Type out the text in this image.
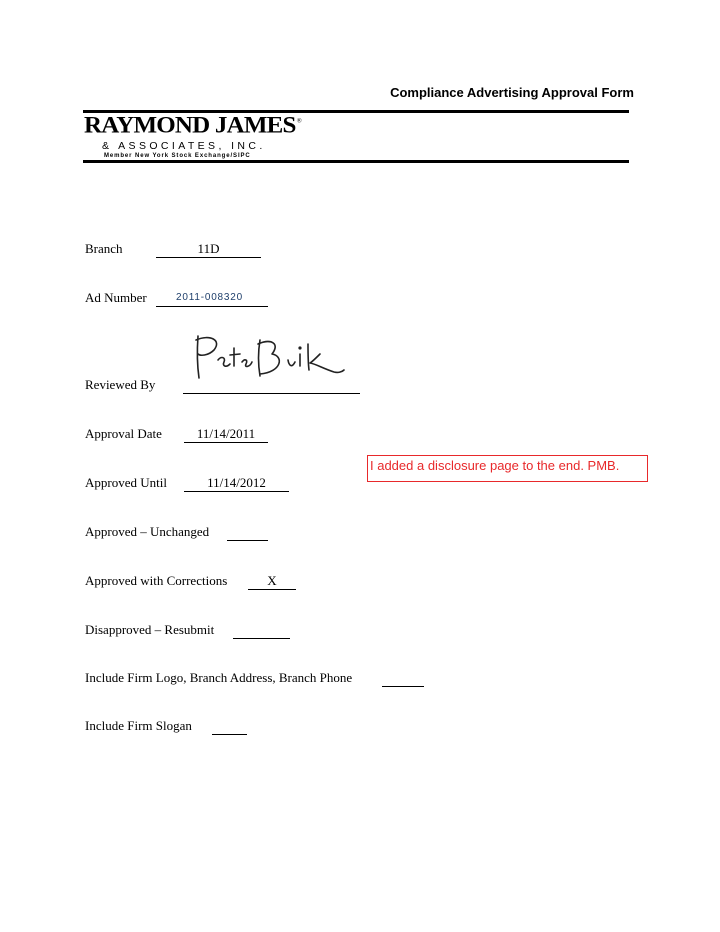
Compliance Advertising Approval Form
RAYMOND JAMES®
& ASSOCIATES, INC.
Member New York Stock Exchange/SIPC
Branch	11D
Ad Number	2011-008320
Reviewed By
Approval Date	11/14/2011
I added a disclosure page to the end. PMB.
Approved Until	11/14/2012
Approved – Unchanged
Approved with Corrections	X
Disapproved – Resubmit
Include Firm Logo, Branch Address, Branch Phone
Include Firm Slogan
